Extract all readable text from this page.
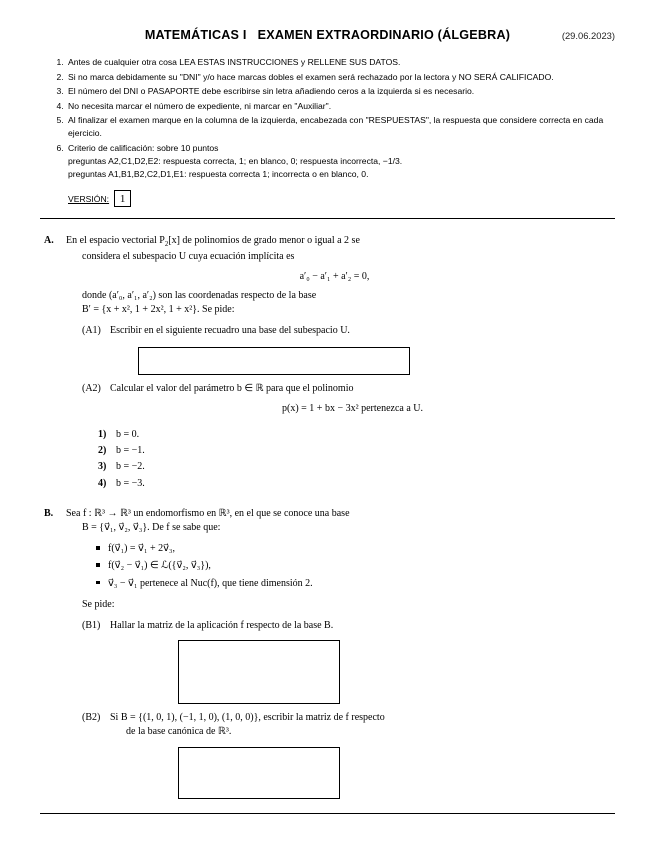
MATEMÁTICAS I   EXAMEN EXTRAORDINARIO (ÁLGEBRA)	(29.06.2023)
1. Antes de cualquier otra cosa LEA ESTAS INSTRUCCIONES y RELLENE SUS DATOS.
2. Si no marca debidamente su "DNI" y/o hace marcas dobles el examen será rechazado por la lectora y NO SERÁ CALIFICADO.
3. El número del DNI o PASAPORTE debe escribirse sin letra añadiendo ceros a la izquierda si es necesario.
4. No necesita marcar el número de expediente, ni marcar en "Auxiliar".
5. Al finalizar el examen marque en la columna de la izquierda, encabezada con "RESPUESTAS", la respuesta que considere correcta en cada ejercicio.
6. Criterio de calificación: sobre 10 puntos
preguntas A2,C1,D2,E2: respuesta correcta, 1; en blanco, 0; respuesta incorrecta, −1/3.
preguntas A1,B1,B2,C2,D1,E1: respuesta correcta 1; incorrecta o en blanco, 0.
VERSIÓN: 1
A.	En el espacio vectorial $P_2[x]$ de polinomios de grado menor o igual a 2 se
considera el subespacio U cuya ecuación implícita es
a′₀ − a′₁ + a′₂ = 0,
donde (a′₀, a′₁, a′₂) son las coordenadas respecto de la base
B′ = {x + x², 1 + 2x², 1 + x²}. Se pide:
(A1) Escribir en el siguiente recuadro una base del subespacio U.
(A2) Calcular el valor del parámetro b ∈ ℝ para que el polinomio
p(x) = 1 + bx − 3x² pertenezca a U.
1) b = 0.
2) b = −1.
3) b = −2.
4) b = −3.
B.	Sea f : ℝ³ → ℝ³ un endomorfismo en ℝ³, en el que se conoce una base
B = {v⃗₁, v⃗₂, v⃗₃}. De f se sabe que:
f(v⃗₁) = v⃗₁ + 2v⃗₃,
f(v⃗₂ − v⃗₁) ∈ ℒ({v⃗₂, v⃗₃}),
v⃗₃ − v⃗₁ pertenece al Nuc(f), que tiene dimensión 2.
Se pide:
(B1) Hallar la matriz de la aplicación f respecto de la base B.
(B2) Si B = {(1, 0, 1), (−1, 1, 0), (1, 0, 0)}, escribir la matriz de f respecto
de la base canónica de ℝ³.
